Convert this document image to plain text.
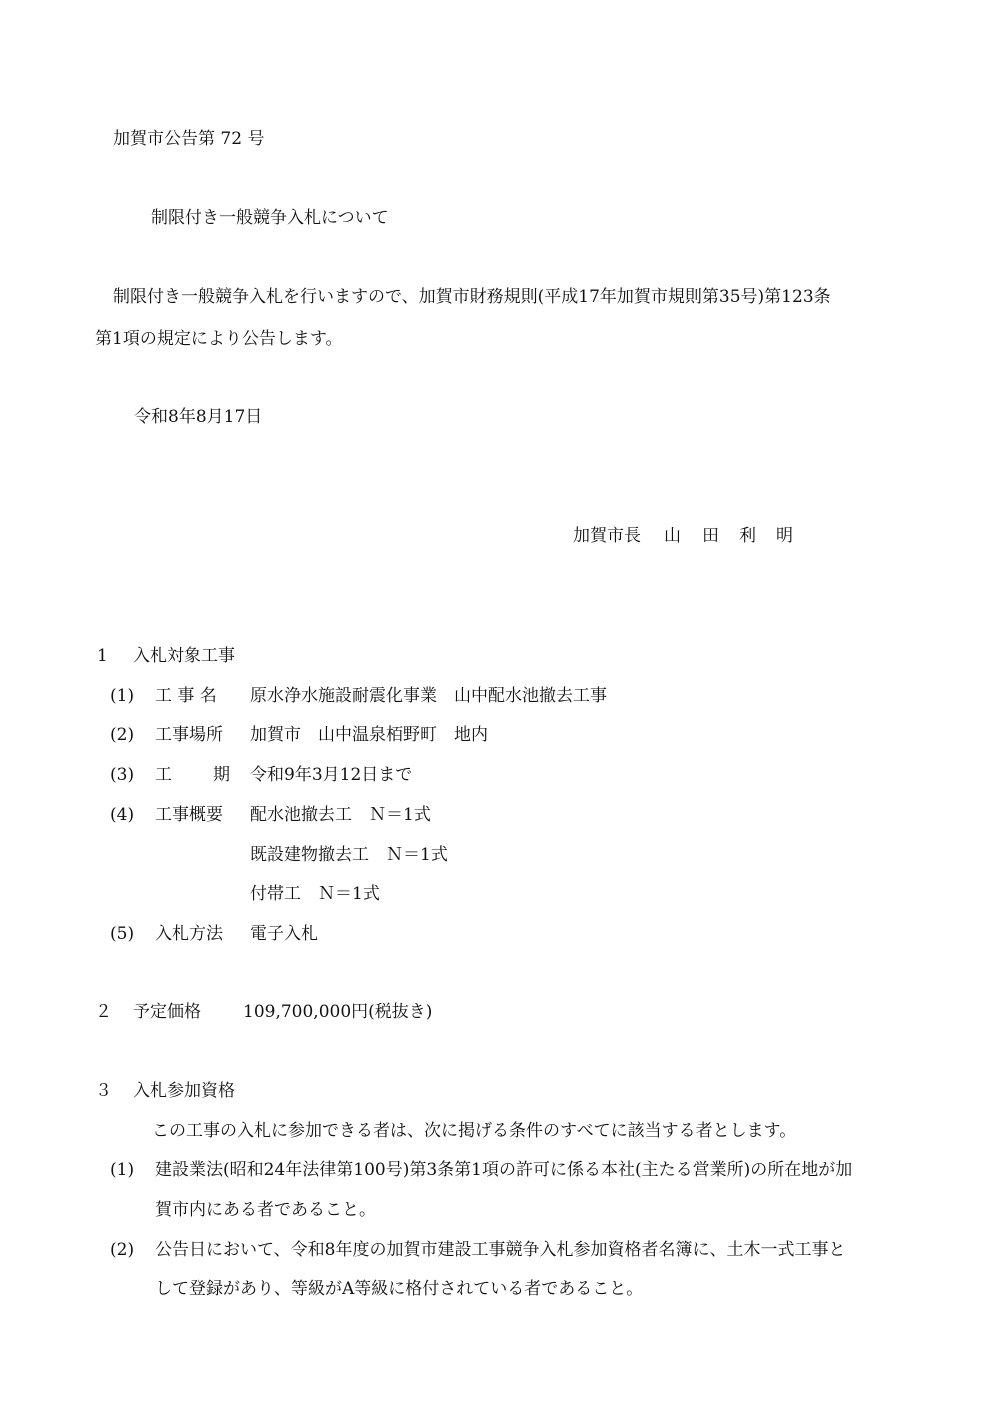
加賀市公告第 72 号
制限付き一般競争入札について
制限付き一般競争入札を行いますので、加賀市財務規則(平成17年加賀市規則第35号)第123条
第1項の規定により公告します。
令和8年8月17日
加賀市長 山 田 利 明
1 入札対象工事
(1) 工 事 名 原水浄水施設耐震化事業　山中配水池撤去工事
(2) 工事場所 加賀市　山中温泉栢野町　地内
(3) 工 期 令和9年3月12日まで
(4) 工事概要 配水池撤去工　Ｎ＝1式
既設建物撤去工　Ｎ＝1式
付帯工　Ｎ＝1式
(5) 入札方法 電子入札
２ 予定価格 109,700,000円(税抜き)
３ 入札参加資格
この工事の入札に参加できる者は、次に掲げる条件のすべてに該当する者とします。
(1) 建設業法(昭和24年法律第100号)第3条第1項の許可に係る本社(主たる営業所)の所在地が加
賀市内にある者であること。
(2) 公告日において、令和8年度の加賀市建設工事競争入札参加資格者名簿に、土木一式工事と
して登録があり、等級がA等級に格付されている者であること。
